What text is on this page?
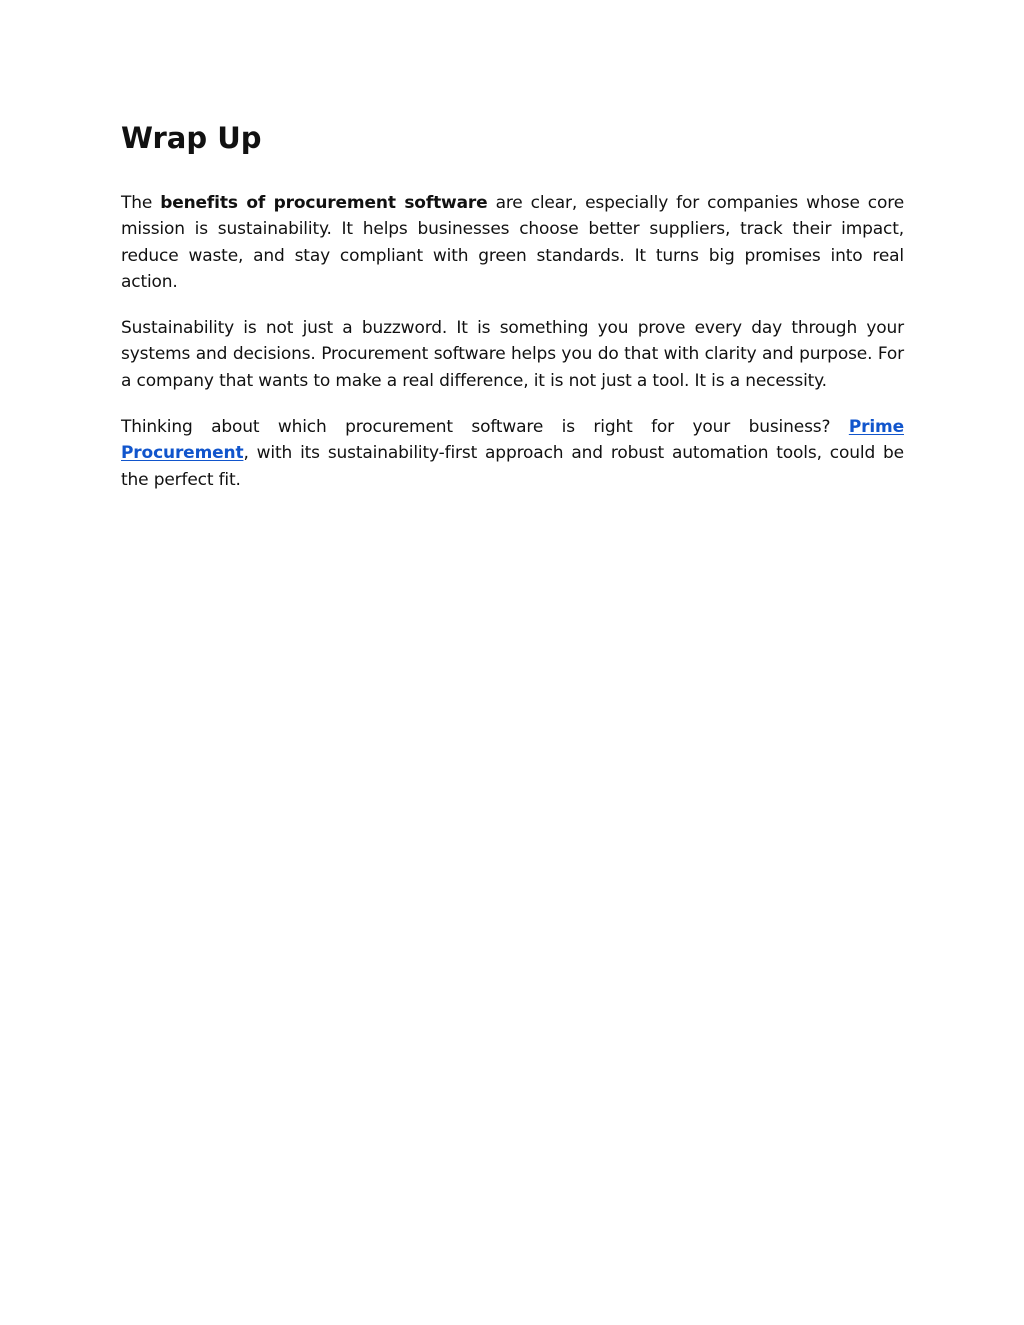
Wrap Up

The benefits of procurement software are clear, especially for companies whose core mission is sustainability. It helps businesses choose better suppliers, track their impact, reduce waste, and stay compliant with green standards. It turns big promises into real action.

Sustainability is not just a buzzword. It is something you prove every day through your systems and decisions. Procurement software helps you do that with clarity and purpose. For a company that wants to make a real difference, it is not just a tool. It is a necessity.

Thinking about which procurement software is right for your business? Prime Procurement, with its sustainability-first approach and robust automation tools, could be the perfect fit.
